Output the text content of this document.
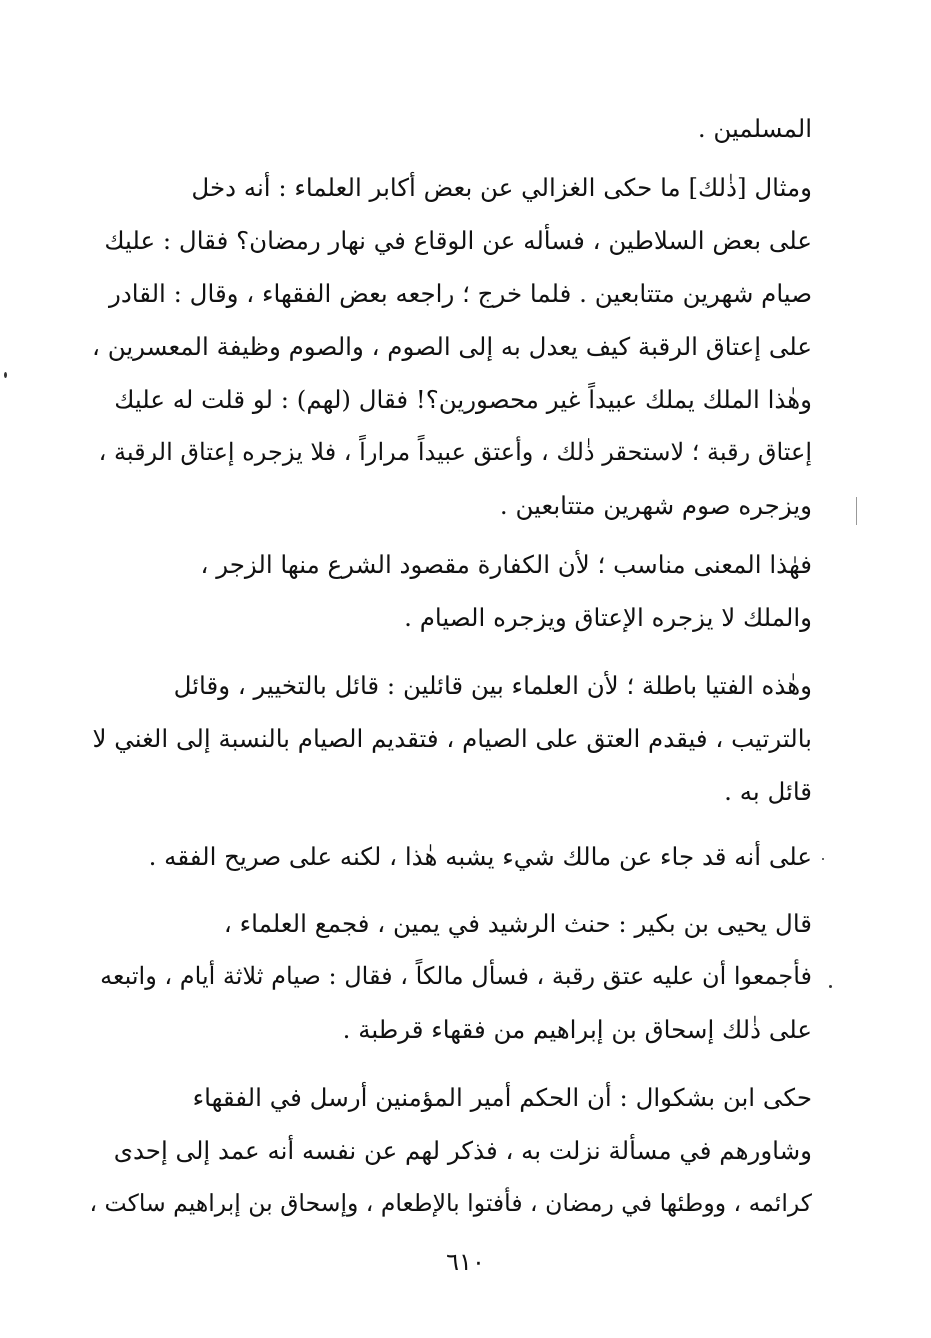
المسلمين .
ومثال [ذٰلك] ما حكى الغزالي عن بعض أكابر العلماء : أنه دخل
على بعض السلاطين ، فسأله عن الوقاع في نهار رمضان؟ فقال : عليك
صيام شهرين متتابعين . فلما خرج ؛ راجعه بعض الفقهاء ، وقال : القادر
على إعتاق الرقبة كيف يعدل به إلى الصوم ، والصوم وظيفة المعسرين ،
وهٰذا الملك يملك عبيداً غير محصورين؟! فقال (لهم) : لو قلت له عليك
إعتاق رقبة ؛ لاستحقر ذٰلك ، وأعتق عبيداً مراراً ، فلا يزجره إعتاق الرقبة ،
ويزجره صوم شهرين متتابعين .
فهٰذا المعنى مناسب ؛ لأن الكفارة مقصود الشرع منها الزجر ،
والملك لا يزجره الإعتاق ويزجره الصيام .
وهٰذه الفتيا باطلة ؛ لأن العلماء بين قائلين : قائل بالتخيير ، وقائل
بالترتيب ، فيقدم العتق على الصيام ، فتقديم الصيام بالنسبة إلى الغني لا
قائل به .
على أنه قد جاء عن مالك شيء يشبه هٰذا ، لكنه على صريح الفقه .
قال يحيى بن بكير : حنث الرشيد في يمين ، فجمع العلماء ،
فأجمعوا أن عليه عتق رقبة ، فسأل مالكاً ، فقال : صيام ثلاثة أيام ، واتبعه
على ذٰلك إسحاق بن إبراهيم من فقهاء قرطبة .
حكى ابن بشكوال : أن الحكم أمير المؤمنين أرسل في الفقهاء
وشاورهم في مسألة نزلت به ، فذكر لهم عن نفسه أنه عمد إلى إحدى
كرائمه ، ووطئها في رمضان ، فأفتوا بالإطعام ، وإسحاق بن إبراهيم ساكت ،
٦١٠
